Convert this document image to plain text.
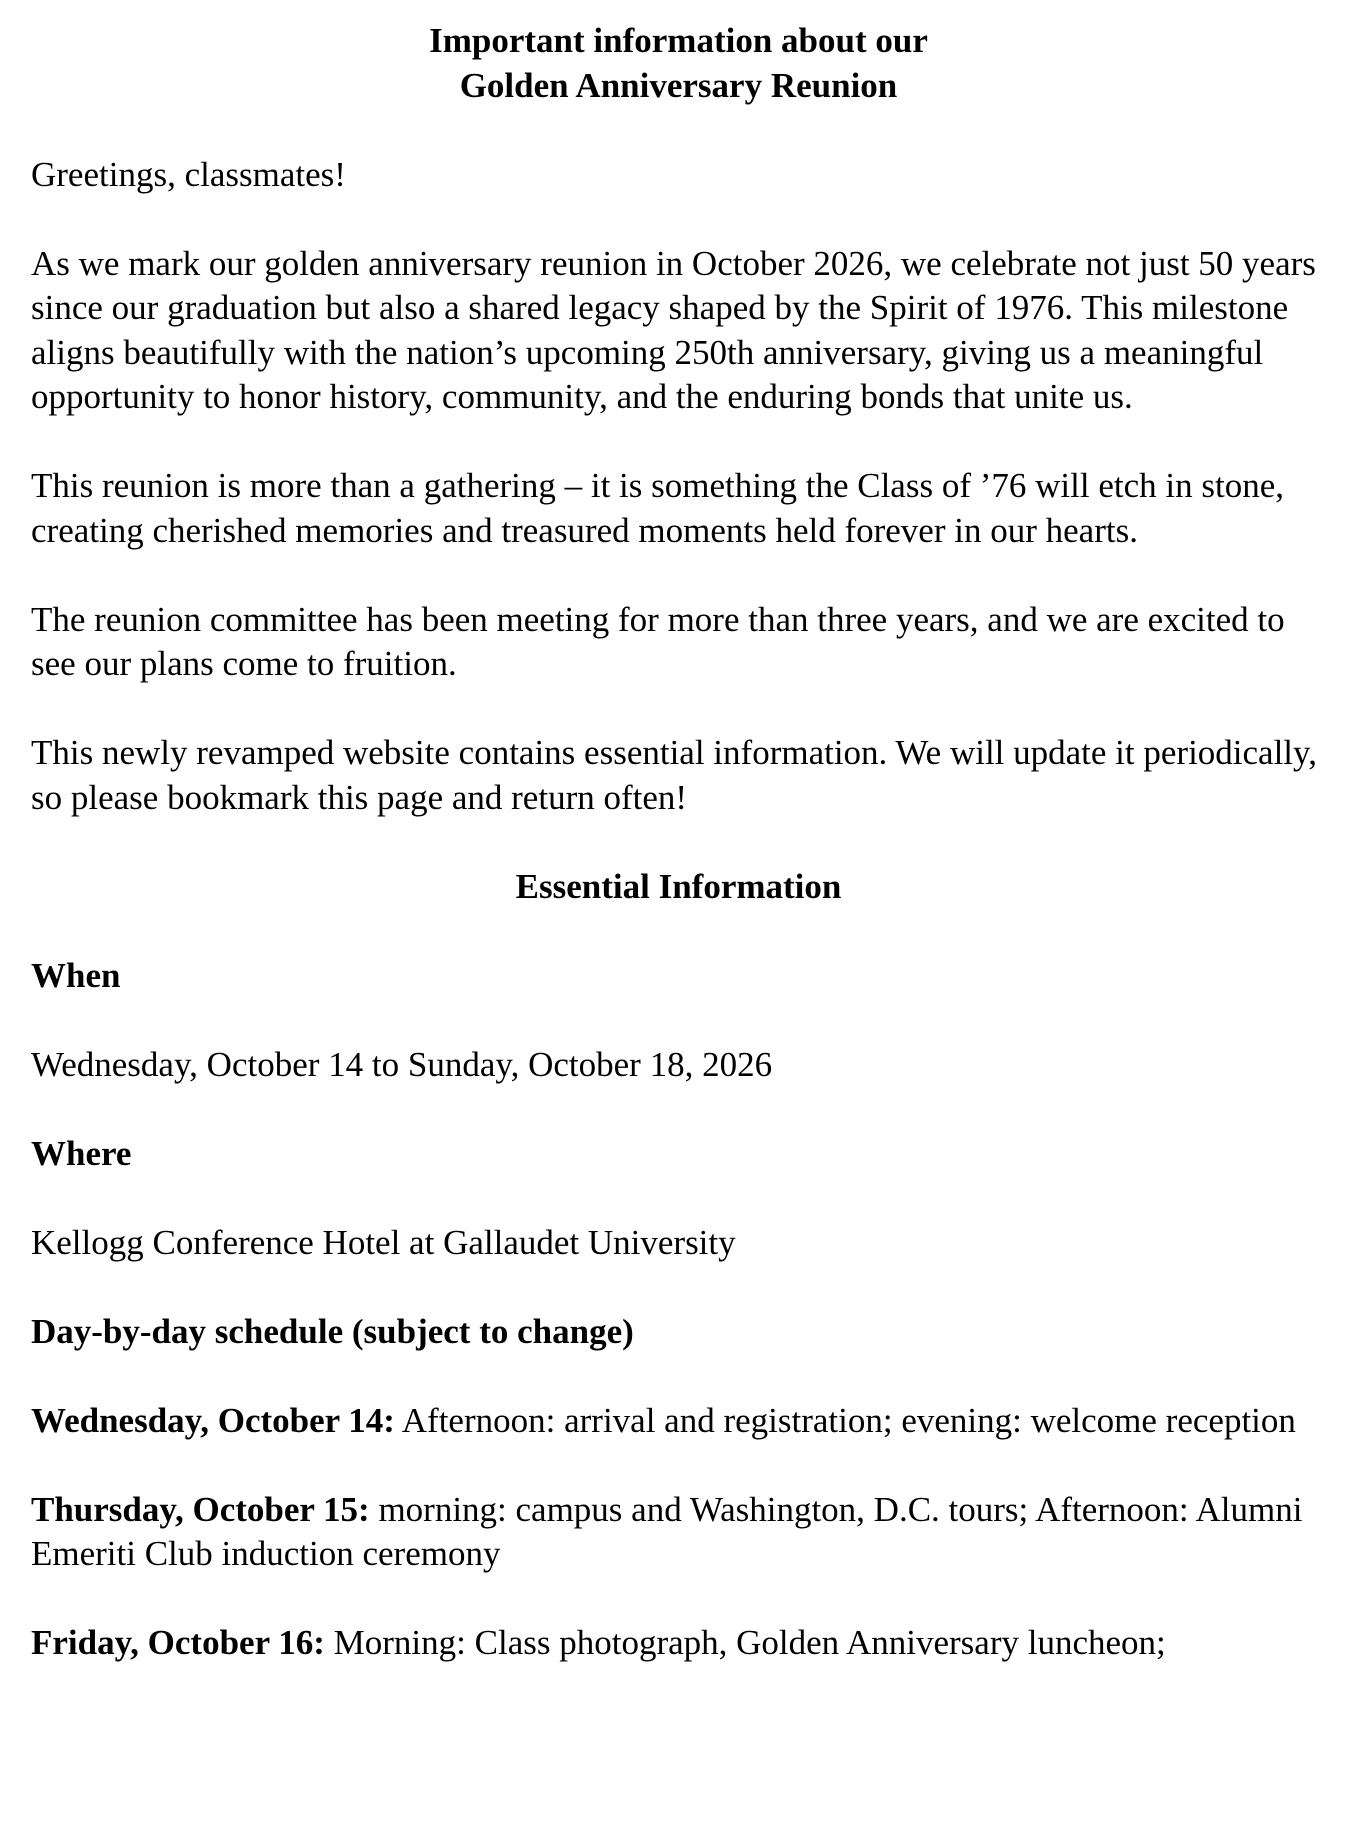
Important information about our
Golden Anniversary Reunion

Greetings, classmates!

As we mark our golden anniversary reunion in October 2026, we celebrate not just 50 years since our graduation but also a shared legacy shaped by the Spirit of 1976. This milestone aligns beautifully with the nation’s upcoming 250th anniversary, giving us a meaningful opportunity to honor history, community, and the enduring bonds that unite us.

This reunion is more than a gathering – it is something the Class of ’76 will etch in stone, creating cherished memories and treasured moments held forever in our hearts.

The reunion committee has been meeting for more than three years, and we are excited to see our plans come to fruition.

This newly revamped website contains essential information. We will update it periodically, so please bookmark this page and return often!

Essential Information

When

Wednesday, October 14 to Sunday, October 18, 2026

Where

Kellogg Conference Hotel at Gallaudet University

Day-by-day schedule (subject to change)

Wednesday, October 14: Afternoon: arrival and registration; evening: welcome reception

Thursday, October 15: morning: campus and Washington, D.C. tours; Afternoon: Alumni Emeriti Club induction ceremony

Friday, October 16: Morning: Class photograph, Golden Anniversary luncheon;
